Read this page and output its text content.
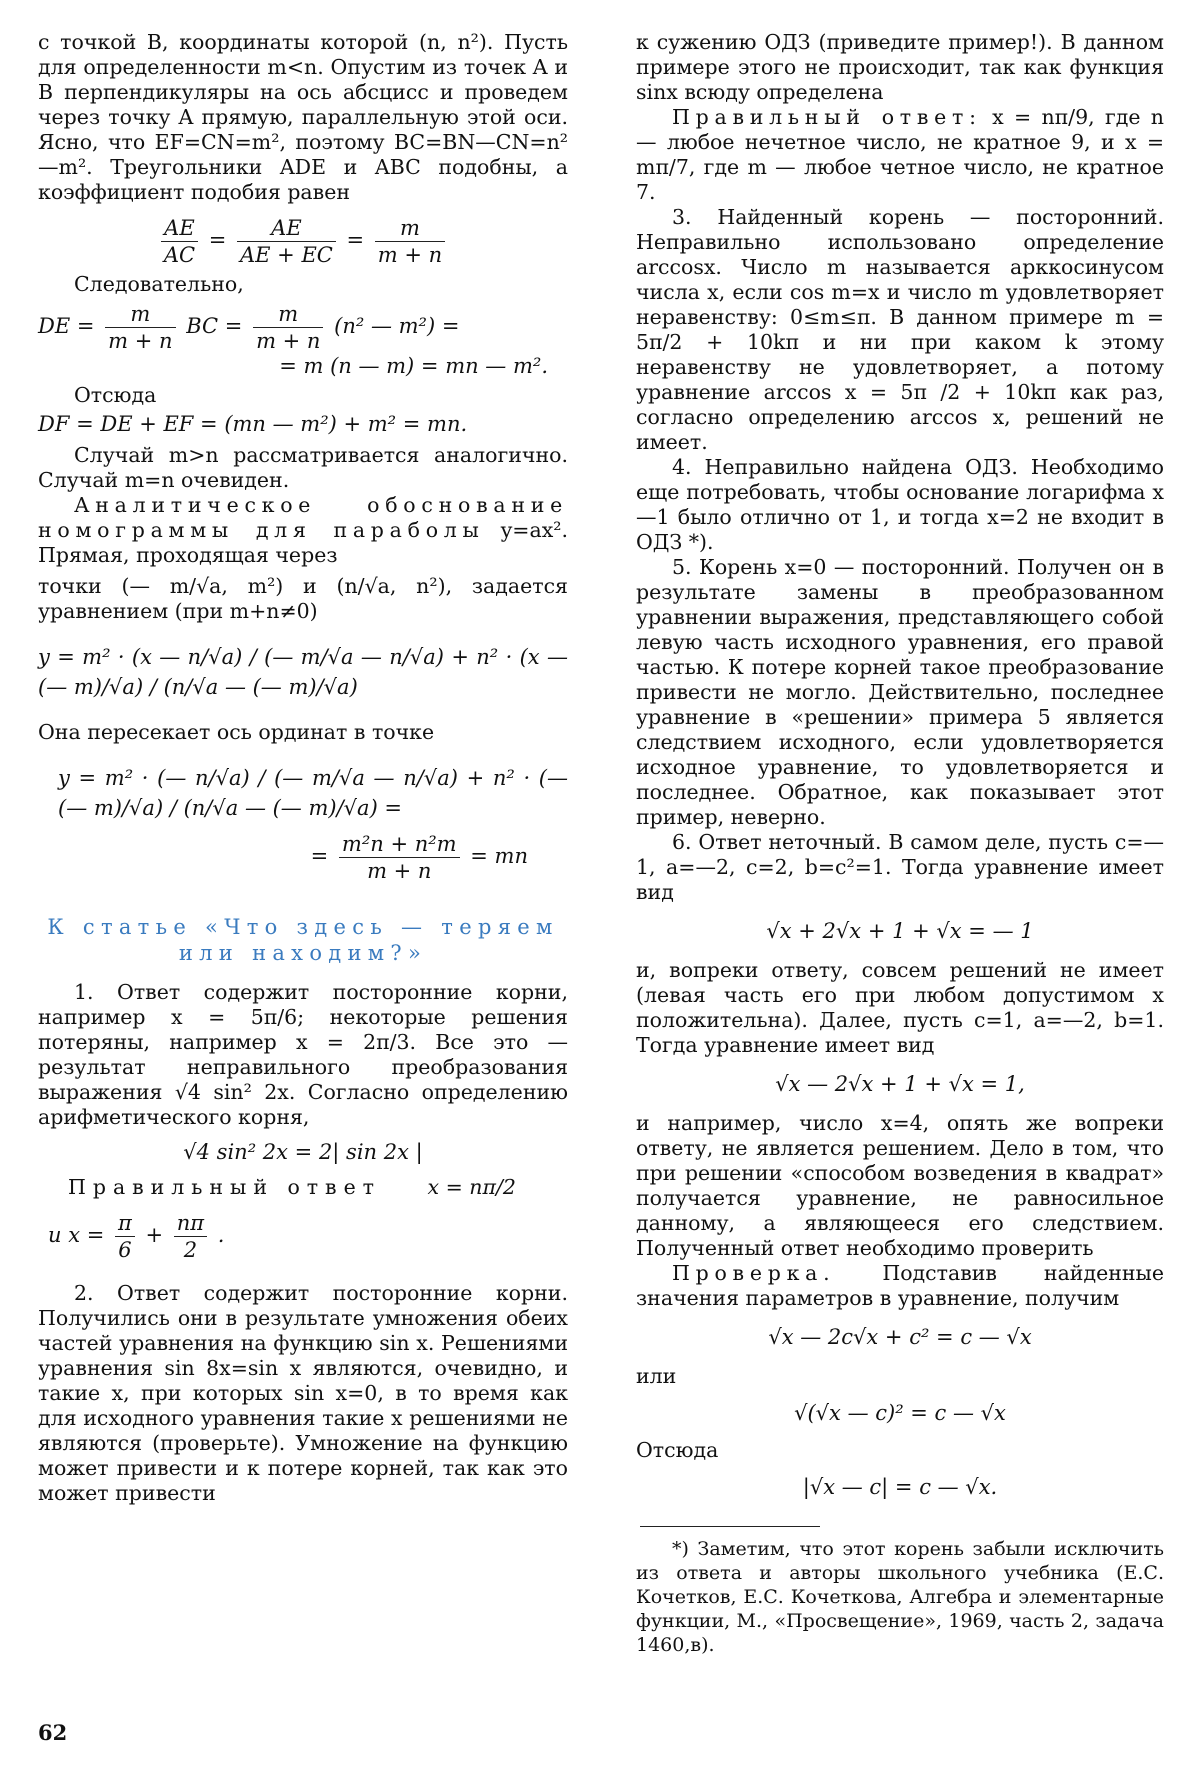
с точкой B, координаты которой (n, n²). Пусть для определенности m<n. Опустим из точек A и B перпендикуляры на ось абсцисс и проведем через точку A прямую, параллельную этой оси. Ясно, что EF=CN=m², поэтому BC=BN—CN=n²—m². Треугольники ADE и ABC подобны, а коэффициент подобия равен

$\frac{AE}{AC} = \frac{AE}{AE + EC} = \frac{m}{m + n}$

Следовательно,

DE = $\frac{m}{m + n}$ BC = $\frac{m}{m + n} (n^2$ — m²) =
= m (n — m) = mn — m².

Отсюда

DF = DE + EF = (mn — m²) + m² = mn.

Случай m>n рассматривается аналогично. Случай m=n очевиден.

Аналитическое обоснование номограммы для параболы y=ax². Прямая, проходящая через

точки (— m/√a, m²) и (n/√a, n²), задается уравнением (при m+n≠0)

y = m² · (x — n/√a) / (— m/√a — n/√a) + n² · (x — (— m)/√a) / (n/√a — (— m)/√a)

Она пересекает ось ординат в точке

y = m² · (— n/√a) / (— m/√a — n/√a) + n² · (— (— m)/√a) / (n/√a — (— m)/√a) =
= $\frac{\text{m²n + n²m}}{m + n}$ = mn
К статье «Что здесь — теряем или находим?»

1. Ответ содержит посторонние корни, например x = 5π/6; некоторые решения потеряны, например x = 2π/3. Все это — результат неправильного преобразования выражения √4 sin² 2x. Согласно определению арифметического корня,

√4 sin² 2x = 2| sin 2x |

Правильный ответ x = nπ/2

и $x = \frac{\pi}{6} + \frac{n\pi}{2}$ .

2. Ответ содержит посторонние корни. Получились они в результате умножения обеих частей уравнения на функцию sin x. Решениями уравнения sin 8x=sin x являются, очевидно, и такие x, при которых sin x=0, в то время как для исходного уравнения такие x решениями не являются (проверьте). Умножение на функцию может привести и к потере корней, так как это может привести

к сужению ОДЗ (приведите пример!). В данном примере этого не происходит, так как функция sinx всюду определена

Правильный ответ: x = nπ/9, где n — любое нечетное число, не кратное 9, и x = mπ/7, где m — любое четное число, не кратное 7.

3. Найденный корень — посторонний. Неправильно использовано определение arccosx. Число m называется арккосинусом числа x, если cos m=x и число m удовлетворяет неравенству: 0≤m≤π. В данном примере m = 5π/2 + 10kπ и ни при каком k этому неравенству не удовлетворяет, а потому уравнение arccos x = 5π /2 + 10kπ как раз, согласно определению arccos x, решений не имеет.

4. Неправильно найдена ОДЗ. Необходимо еще потребовать, чтобы основание логарифма x—1 было отлично от 1, и тогда x=2 не входит в ОДЗ *).

5. Корень x=0 — посторонний. Получен он в результате замены в преобразованном уравнении выражения, представляющего собой левую часть исходного уравнения, его правой частью. К потере корней такое преобразование привести не могло. Действительно, последнее уравнение в «решении» примера 5 является следствием исходного, если удовлетворяется исходное уравнение, то удовлетворяется и последнее. Обратное, как показывает этот пример, неверно.

6. Ответ неточный. В самом деле, пусть c=—1, a=—2, c=2, b=c²=1. Тогда уравнение имеет вид

√x + 2√x + 1 + √x = — 1

и, вопреки ответу, совсем решений не имеет (левая часть его при любом допустимом x положительна). Далее, пусть c=1, a=—2, b=1. Тогда уравнение имеет вид

√x — 2√x + 1 + √x = 1,

и например, число x=4, опять же вопреки ответу, не является решением. Дело в том, что при решении «способом возведения в квадрат» получается уравнение, не равносильное данному, а являющееся его следствием. Полученный ответ необходимо проверить

Проверка. Подставив найденные значения параметров в уравнение, получим

√x — 2c√x + c² = c — √x

или

√(√x — c)² = c — √x

Отсюда

|√x — c| = c — √x.

*) Заметим, что этот корень забыли исключить из ответа и авторы школьного учебника (Е.С. Кочетков, Е.С. Кочеткова, Алгебра и элементарные функции, М., «Просвещение», 1969, часть 2, задача 1460,в).

62
